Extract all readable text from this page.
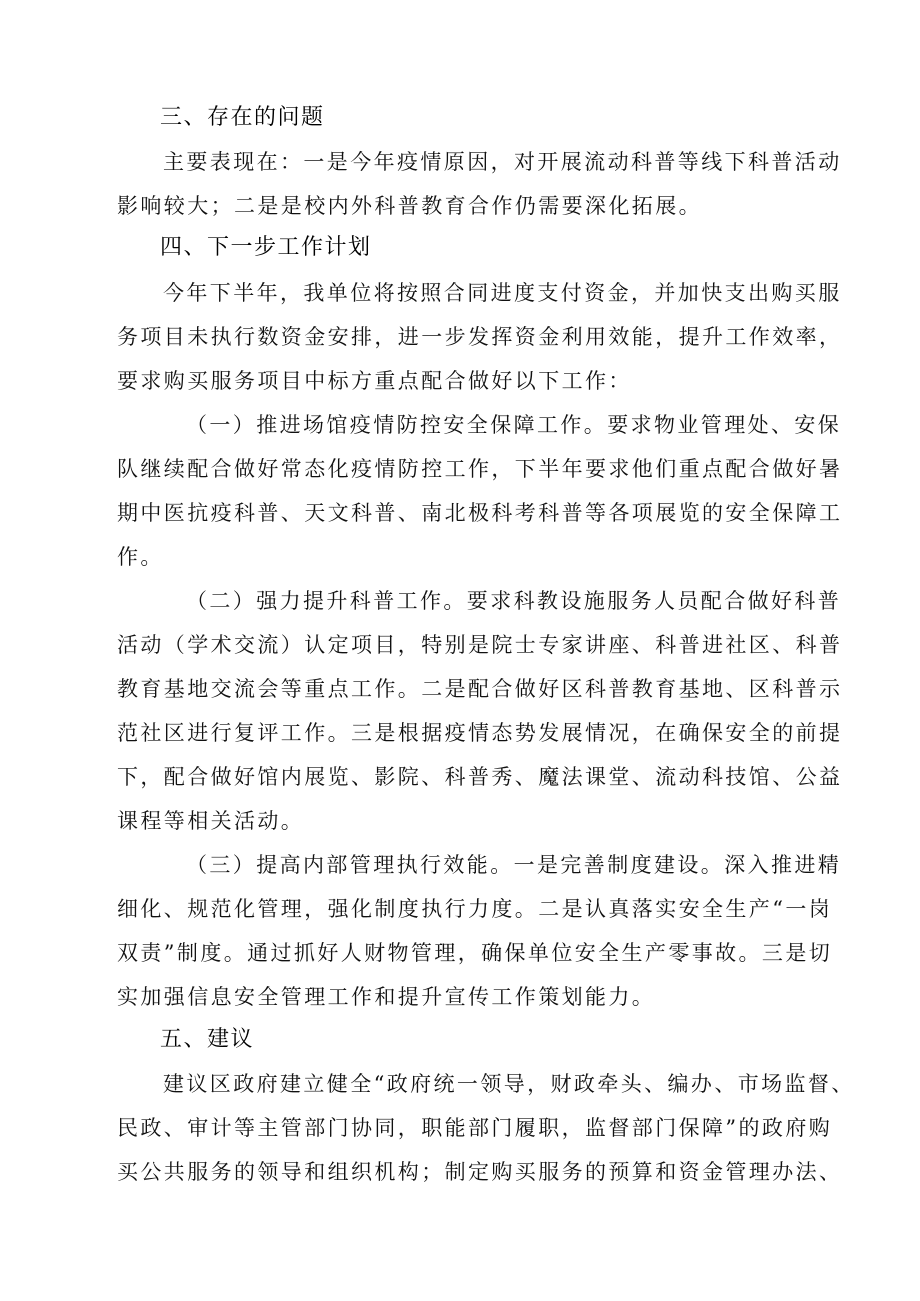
三、存在的问题
主要表现在：一是今年疫情原因，对开展流动科普等线下科普活动
影响较大；二是是校内外科普教育合作仍需要深化拓展。
四、下一步工作计划
今年下半年，我单位将按照合同进度支付资金，并加快支出购买服
务项目未执行数资金安排，进一步发挥资金利用效能，提升工作效率，
要求购买服务项目中标方重点配合做好以下工作：
（一）推进场馆疫情防控安全保障工作。要求物业管理处、安保
队继续配合做好常态化疫情防控工作，下半年要求他们重点配合做好暑
期中医抗疫科普、天文科普、南北极科考科普等各项展览的安全保障工
作。
（二）强力提升科普工作。要求科教设施服务人员配合做好科普
活动（学术交流）认定项目，特别是院士专家讲座、科普进社区、科普
教育基地交流会等重点工作。二是配合做好区科普教育基地、区科普示
范社区进行复评工作。三是根据疫情态势发展情况，在确保安全的前提
下，配合做好馆内展览、影院、科普秀、魔法课堂、流动科技馆、公益
课程等相关活动。
（三）提高内部管理执行效能。一是完善制度建设。深入推进精
细化、规范化管理，强化制度执行力度。二是认真落实安全生产“一岗
双责”制度。通过抓好人财物管理，确保单位安全生产零事故。三是切
实加强信息安全管理工作和提升宣传工作策划能力。
五、建议
建议区政府建立健全“政府统一领导，财政牵头、编办、市场监督、
民政、审计等主管部门协同，职能部门履职，监督部门保障”的政府购
买公共服务的领导和组织机构；制定购买服务的预算和资金管理办法、
